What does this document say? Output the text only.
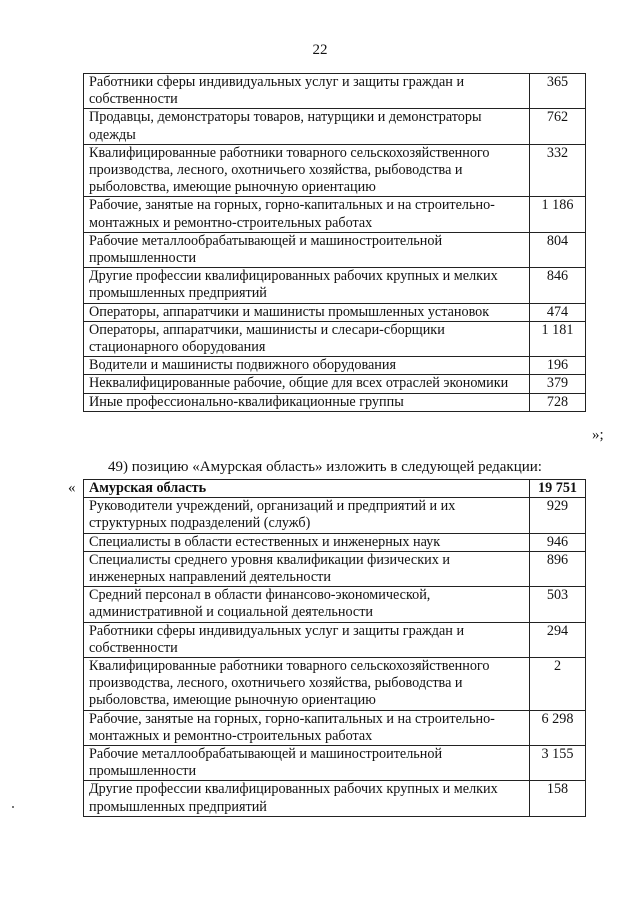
22
Работники сферы индивидуальных услуг и защиты граждан и собственности	365
Продавцы, демонстраторы товаров, натурщики и демонстраторы одежды	762
Квалифицированные работники товарного сельскохозяйственного производства, лесного, охотничьего хозяйства, рыбоводства и рыболовства, имеющие рыночную ориентацию	332
Рабочие, занятые на горных, горно-капитальных и на строительно-монтажных и ремонтно-строительных работах	1 186
Рабочие металлообрабатывающей и машиностроительной промышленности	804
Другие профессии квалифицированных рабочих крупных и мелких промышленных предприятий	846
Операторы, аппаратчики и машинисты промышленных установок	474
Операторы, аппаратчики, машинисты и слесари-сборщики стационарного оборудования	1 181
Водители и машинисты подвижного оборудования	196
Неквалифицированные рабочие, общие для всех отраслей экономики	379
Иные профессионально-квалификационные группы	728
»;
49) позицию «Амурская область» изложить в следующей редакции:
« Амурская область	19 751
Руководители учреждений, организаций и предприятий и их структурных подразделений (служб)	929
Специалисты в области естественных и инженерных наук	946
Специалисты среднего уровня квалификации физических и инженерных направлений деятельности	896
Средний персонал в области финансово-экономической, административной и социальной деятельности	503
Работники сферы индивидуальных услуг и защиты граждан и собственности	294
Квалифицированные работники товарного сельскохозяйственного производства, лесного, охотничьего хозяйства, рыбоводства и рыболовства, имеющие рыночную ориентацию	2
Рабочие, занятые на горных, горно-капитальных и на строительно-монтажных и ремонтно-строительных работах	6 298
Рабочие металлообрабатывающей и машиностроительной промышленности	3 155
Другие профессии квалифицированных рабочих крупных и мелких промышленных предприятий	158
